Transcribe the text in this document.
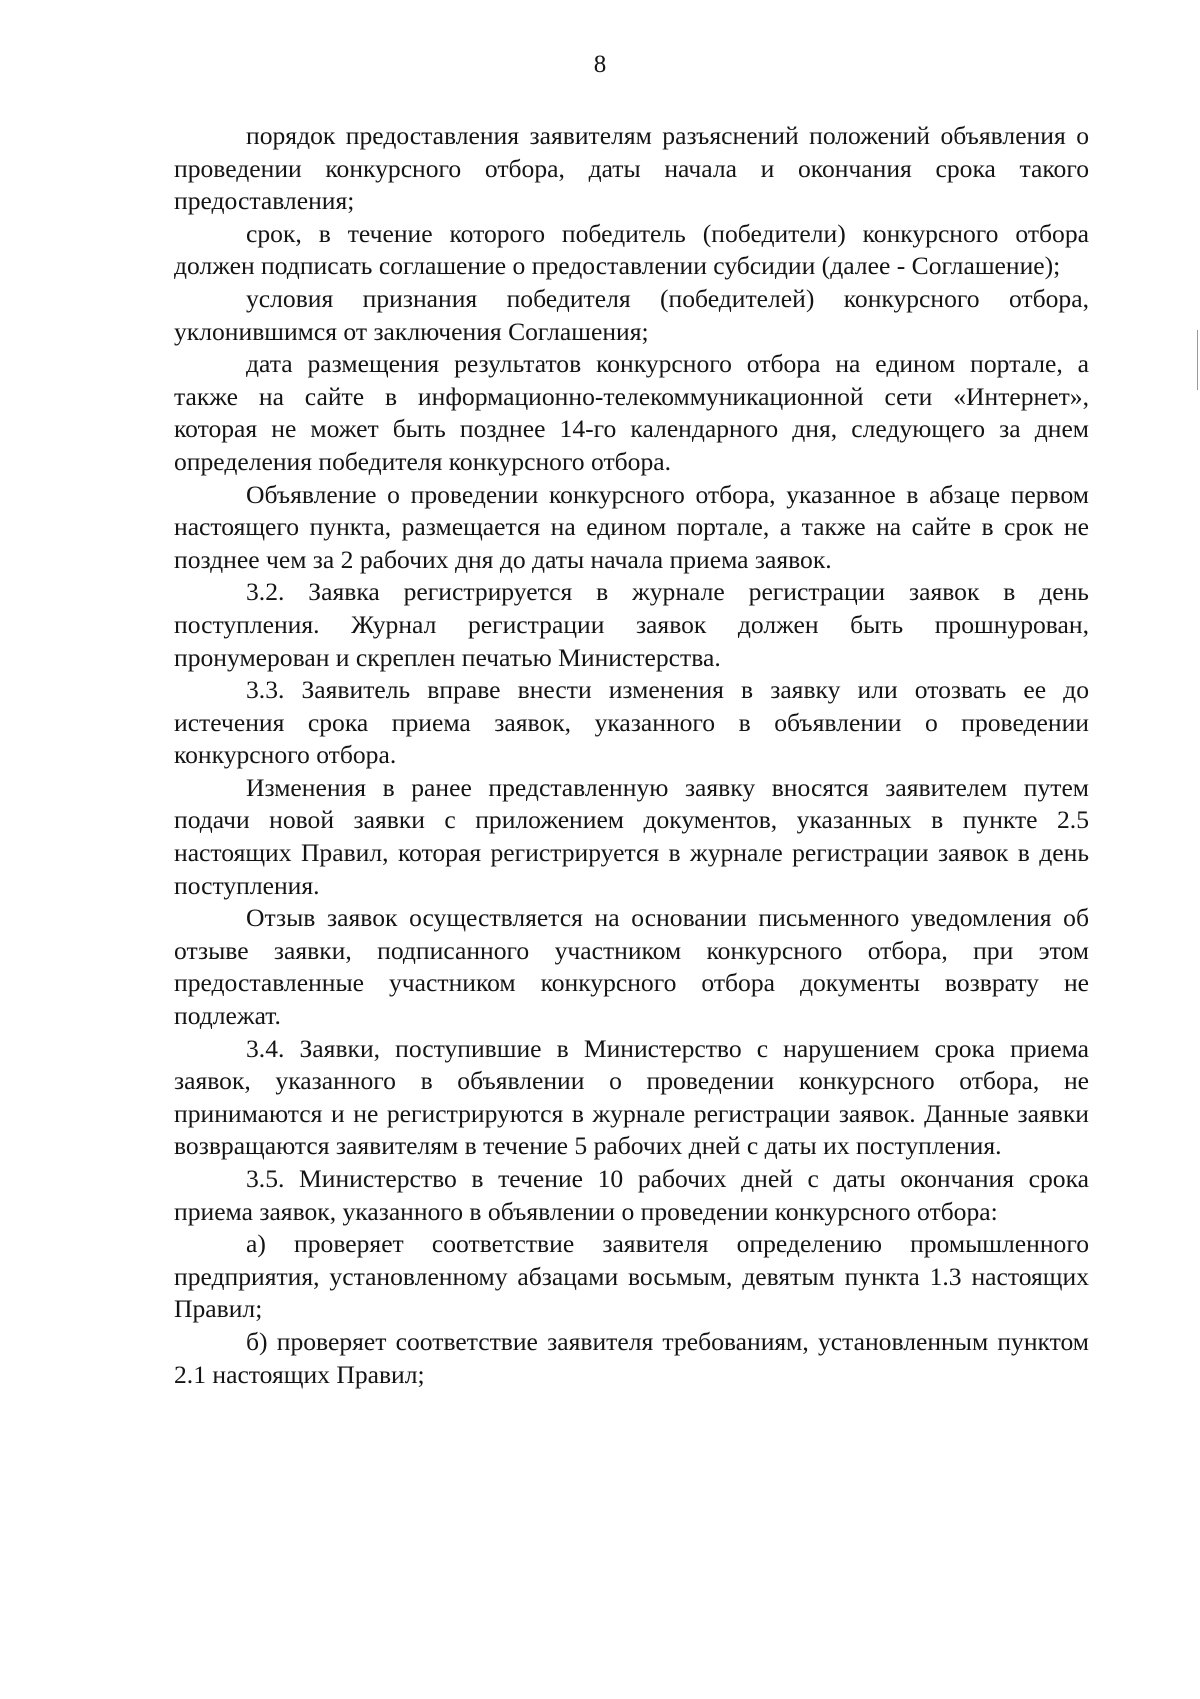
8

порядок предоставления заявителям разъяснений положений объявления о проведении конкурсного отбора, даты начала и окончания срока такого предоставления;

срок, в течение которого победитель (победители) конкурсного отбора должен подписать соглашение о предоставлении субсидии (далее - Соглашение);

условия признания победителя (победителей) конкурсного отбора, уклонившимся от заключения Соглашения;

дата размещения результатов конкурсного отбора на едином портале, а также на сайте в информационно-телекоммуникационной сети «Интернет», которая не может быть позднее 14-го календарного дня, следующего за днем определения победителя конкурсного отбора.

Объявление о проведении конкурсного отбора, указанное в абзаце первом настоящего пункта, размещается на едином портале, а также на сайте в срок не позднее чем за 2 рабочих дня до даты начала приема заявок.

3.2. Заявка регистрируется в журнале регистрации заявок в день поступления. Журнал регистрации заявок должен быть прошнурован, пронумерован и скреплен печатью Министерства.

3.3. Заявитель вправе внести изменения в заявку или отозвать ее до истечения срока приема заявок, указанного в объявлении о проведении конкурсного отбора.

Изменения в ранее представленную заявку вносятся заявителем путем подачи новой заявки с приложением документов, указанных в пункте 2.5 настоящих Правил, которая регистрируется в журнале регистрации заявок в день поступления.

Отзыв заявок осуществляется на основании письменного уведомления об отзыве заявки, подписанного участником конкурсного отбора, при этом предоставленные участником конкурсного отбора документы возврату не подлежат.

3.4. Заявки, поступившие в Министерство с нарушением срока приема заявок, указанного в объявлении о проведении конкурсного отбора, не принимаются и не регистрируются в журнале регистрации заявок. Данные заявки возвращаются заявителям в течение 5 рабочих дней с даты их поступления.

3.5. Министерство в течение 10 рабочих дней с даты окончания срока приема заявок, указанного в объявлении о проведении конкурсного отбора:

а) проверяет соответствие заявителя определению промышленного предприятия, установленному абзацами восьмым, девятым пункта 1.3 настоящих Правил;

б) проверяет соответствие заявителя требованиям, установленным пунктом 2.1 настоящих Правил;
